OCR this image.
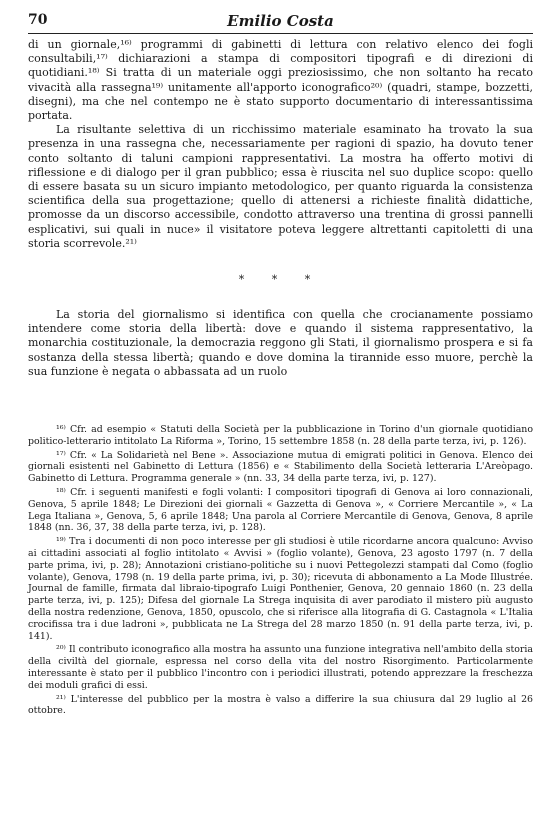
70	Emilio Costa

di un giornale,¹⁶⁾ programmi di gabinetti di lettura con relativo elenco dei fogli consultabili,¹⁷⁾ dichiarazioni a stampa di compositori tipografi e di direzioni di quotidiani.¹⁸⁾ Si tratta di un materiale oggi preziosissimo, che non soltanto ha recato vivacità alla rassegna¹⁹⁾ unitamente all'apporto iconografico²⁰⁾ (quadri, stampe, bozzetti, disegni), ma che nel contempo ne è stato supporto documentario di interessantissima portata.

La risultante selettiva di un ricchissimo materiale esaminato ha trovato la sua presenza in una rassegna che, necessariamente per ragioni di spazio, ha dovuto tener conto soltanto di taluni campioni rappresentativi. La mostra ha offerto motivi di riflessione e di dialogo per il gran pubblico; essa è riuscita nel suo duplice scopo: quello di essere basata su un sicuro impianto metodologico, per quanto riguarda la consistenza scientifica della sua progettazione; quello di attenersi a richieste finalità didattiche, promosse da un discorso accessibile, condotto attraverso una trentina di grossi pannelli esplicativi, sui quali in nuce» il visitatore poteva leggere altrettanti capitoletti di una storia scorrevole.²¹⁾

* * *

La storia del giornalismo si identifica con quella che crocianamente possiamo intendere come storia della libertà: dove e quando il sistema rappresentativo, la monarchia costituzionale, la democrazia reggono gli Stati, il giornalismo prospera e si fa sostanza della stessa libertà; quando e dove domina la tirannide esso muore, perchè la sua funzione è negata o abbassata ad un ruolo

¹⁶⁾ Cfr. ad esempio « Statuti della Società per la pubblicazione in Torino d'un giornale quotidiano politico-letterario intitolato La Riforma », Torino, 15 settembre 1858 (n. 28 della parte terza, ivi, p. 126).

¹⁷⁾ Cfr. « La Solidarietà nel Bene ». Associazione mutua di emigrati politici in Genova. Elenco dei giornali esistenti nel Gabinetto di Lettura (1856) e « Stabilimento della Società letteraria L'Areòpago. Gabinetto di Lettura. Programma generale » (nn. 33, 34 della parte terza, ivi, p. 127).

¹⁸⁾ Cfr. i seguenti manifesti e fogli volanti: I compositori tipografi di Genova ai loro connazionali, Genova, 5 aprile 1848; Le Direzioni dei giornali « Gazzetta di Genova », « Corriere Mercantile », « La Lega Italiana », Genova, 5, 6 aprile 1848; Una parola al Corriere Mercantile di Genova, Genova, 8 aprile 1848 (nn. 36, 37, 38 della parte terza, ivi, p. 128).

¹⁹⁾ Tra i documenti di non poco interesse per gli studiosi è utile ricordarne ancora qualcuno: Avviso ai cittadini associati al foglio intitolato « Avvisi » (foglio volante), Genova, 23 agosto 1797 (n. 7 della parte prima, ivi, p. 28); Annotazioni cristiano-politiche su i nuovi Pettegolezzi stampati dal Como (foglio volante), Genova, 1798 (n. 19 della parte prima, ivi, p. 30); ricevuta di abbonamento a La Mode Illustrée. Journal de famille, firmata dal libraio-tipografo Luigi Ponthenier, Genova, 20 gennaio 1860 (n. 23 della parte terza, ivi, p. 125); Difesa del giornale La Strega inquisita di aver parodiato il mistero più augusto della nostra redenzione, Genova, 1850, opuscolo, che si riferisce alla litografia di G. Castagnola « L'Italia crocifissa tra i due ladroni », pubblicata ne La Strega del 28 marzo 1850 (n. 91 della parte terza, ivi, p. 141).

²⁰⁾ Il contributo iconografico alla mostra ha assunto una funzione integrativa nell'ambito della storia della civiltà del giornale, espressa nel corso della vita del nostro Risorgimento. Particolarmente interessante è stato per il pubblico l'incontro con i periodici illustrati, potendo apprezzare la freschezza dei moduli grafici di essi.

²¹⁾ L'interesse del pubblico per la mostra è valso a differire la sua chiusura dal 29 luglio al 26 ottobre.
